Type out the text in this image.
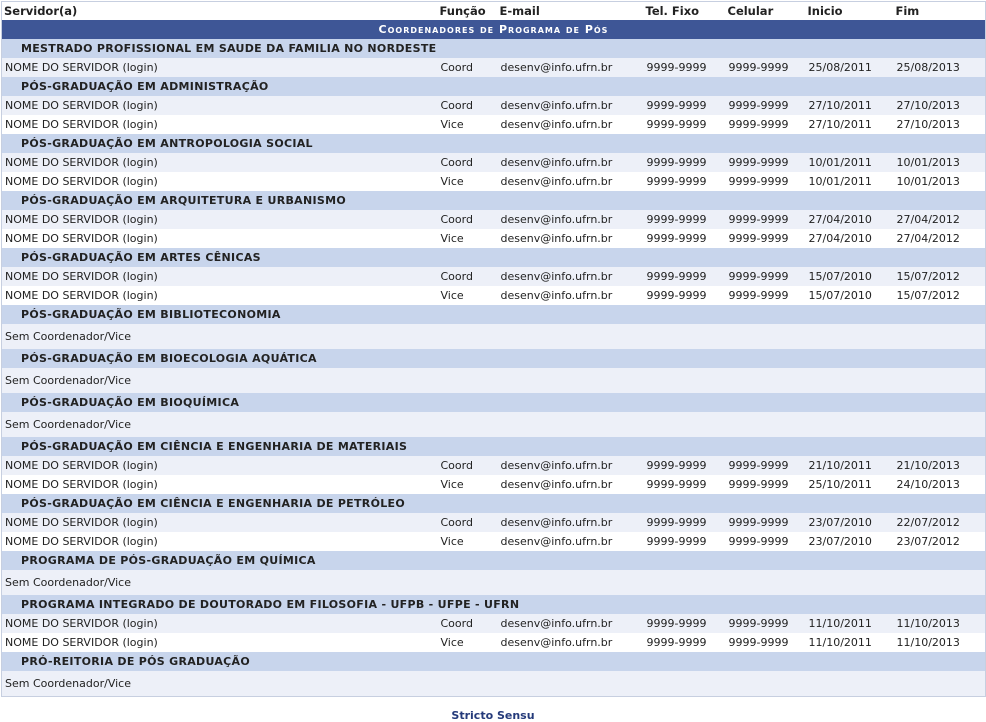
Coordenadores de Programa de Pós						
Servidor(a)	Função	E-mail	Tel. Fixo	Celular	Inicio	Fim
MESTRADO PROFISSIONAL EM SAUDE DA FAMILIA NO NORDESTE						
NOME DO SERVIDOR (login)	Coord	desenv@info.ufrn.br	9999-9999	9999-9999	25/08/2011	25/08/2013
PÓS-GRADUAÇÃO EM ADMINISTRAÇÃO						
NOME DO SERVIDOR (login)	Coord	desenv@info.ufrn.br	9999-9999	9999-9999	27/10/2011	27/10/2013
NOME DO SERVIDOR (login)	Vice	desenv@info.ufrn.br	9999-9999	9999-9999	27/10/2011	27/10/2013
PÓS-GRADUAÇÃO EM ANTROPOLOGIA SOCIAL						
NOME DO SERVIDOR (login)	Coord	desenv@info.ufrn.br	9999-9999	9999-9999	10/01/2011	10/01/2013
NOME DO SERVIDOR (login)	Vice	desenv@info.ufrn.br	9999-9999	9999-9999	10/01/2011	10/01/2013
PÓS-GRADUAÇÃO EM ARQUITETURA E URBANISMO						
NOME DO SERVIDOR (login)	Coord	desenv@info.ufrn.br	9999-9999	9999-9999	27/04/2010	27/04/2012
NOME DO SERVIDOR (login)	Vice	desenv@info.ufrn.br	9999-9999	9999-9999	27/04/2010	27/04/2012
PÓS-GRADUAÇÃO EM ARTES CÊNICAS						
NOME DO SERVIDOR (login)	Coord	desenv@info.ufrn.br	9999-9999	9999-9999	15/07/2010	15/07/2012
NOME DO SERVIDOR (login)	Vice	desenv@info.ufrn.br	9999-9999	9999-9999	15/07/2010	15/07/2012
PÓS-GRADUAÇÃO EM BIBLIOTECONOMIA						
Sem Coordenador/Vice						
PÓS-GRADUAÇÃO EM BIOECOLOGIA AQUÁTICA						
Sem Coordenador/Vice						
PÓS-GRADUAÇÃO EM BIOQUÍMICA						
Sem Coordenador/Vice						
PÓS-GRADUAÇÃO EM CIÊNCIA E ENGENHARIA DE MATERIAIS						
NOME DO SERVIDOR (login)	Coord	desenv@info.ufrn.br	9999-9999	9999-9999	21/10/2011	21/10/2013
NOME DO SERVIDOR (login)	Vice	desenv@info.ufrn.br	9999-9999	9999-9999	25/10/2011	24/10/2013
PÓS-GRADUAÇÃO EM CIÊNCIA E ENGENHARIA DE PETRÓLEO						
NOME DO SERVIDOR (login)	Coord	desenv@info.ufrn.br	9999-9999	9999-9999	23/07/2010	22/07/2012
NOME DO SERVIDOR (login)	Vice	desenv@info.ufrn.br	9999-9999	9999-9999	23/07/2010	23/07/2012
PROGRAMA DE PÓS-GRADUAÇÃO EM QUÍMICA						
Sem Coordenador/Vice						
PROGRAMA INTEGRADO DE DOUTORADO EM FILOSOFIA - UFPB - UFPE - UFRN						
NOME DO SERVIDOR (login)	Coord	desenv@info.ufrn.br	9999-9999	9999-9999	11/10/2011	11/10/2013
NOME DO SERVIDOR (login)	Vice	desenv@info.ufrn.br	9999-9999	9999-9999	11/10/2011	11/10/2013
PRÓ-REITORIA DE PÓS GRADUAÇÃO						
Sem Coordenador/Vice						
Stricto Sensu
